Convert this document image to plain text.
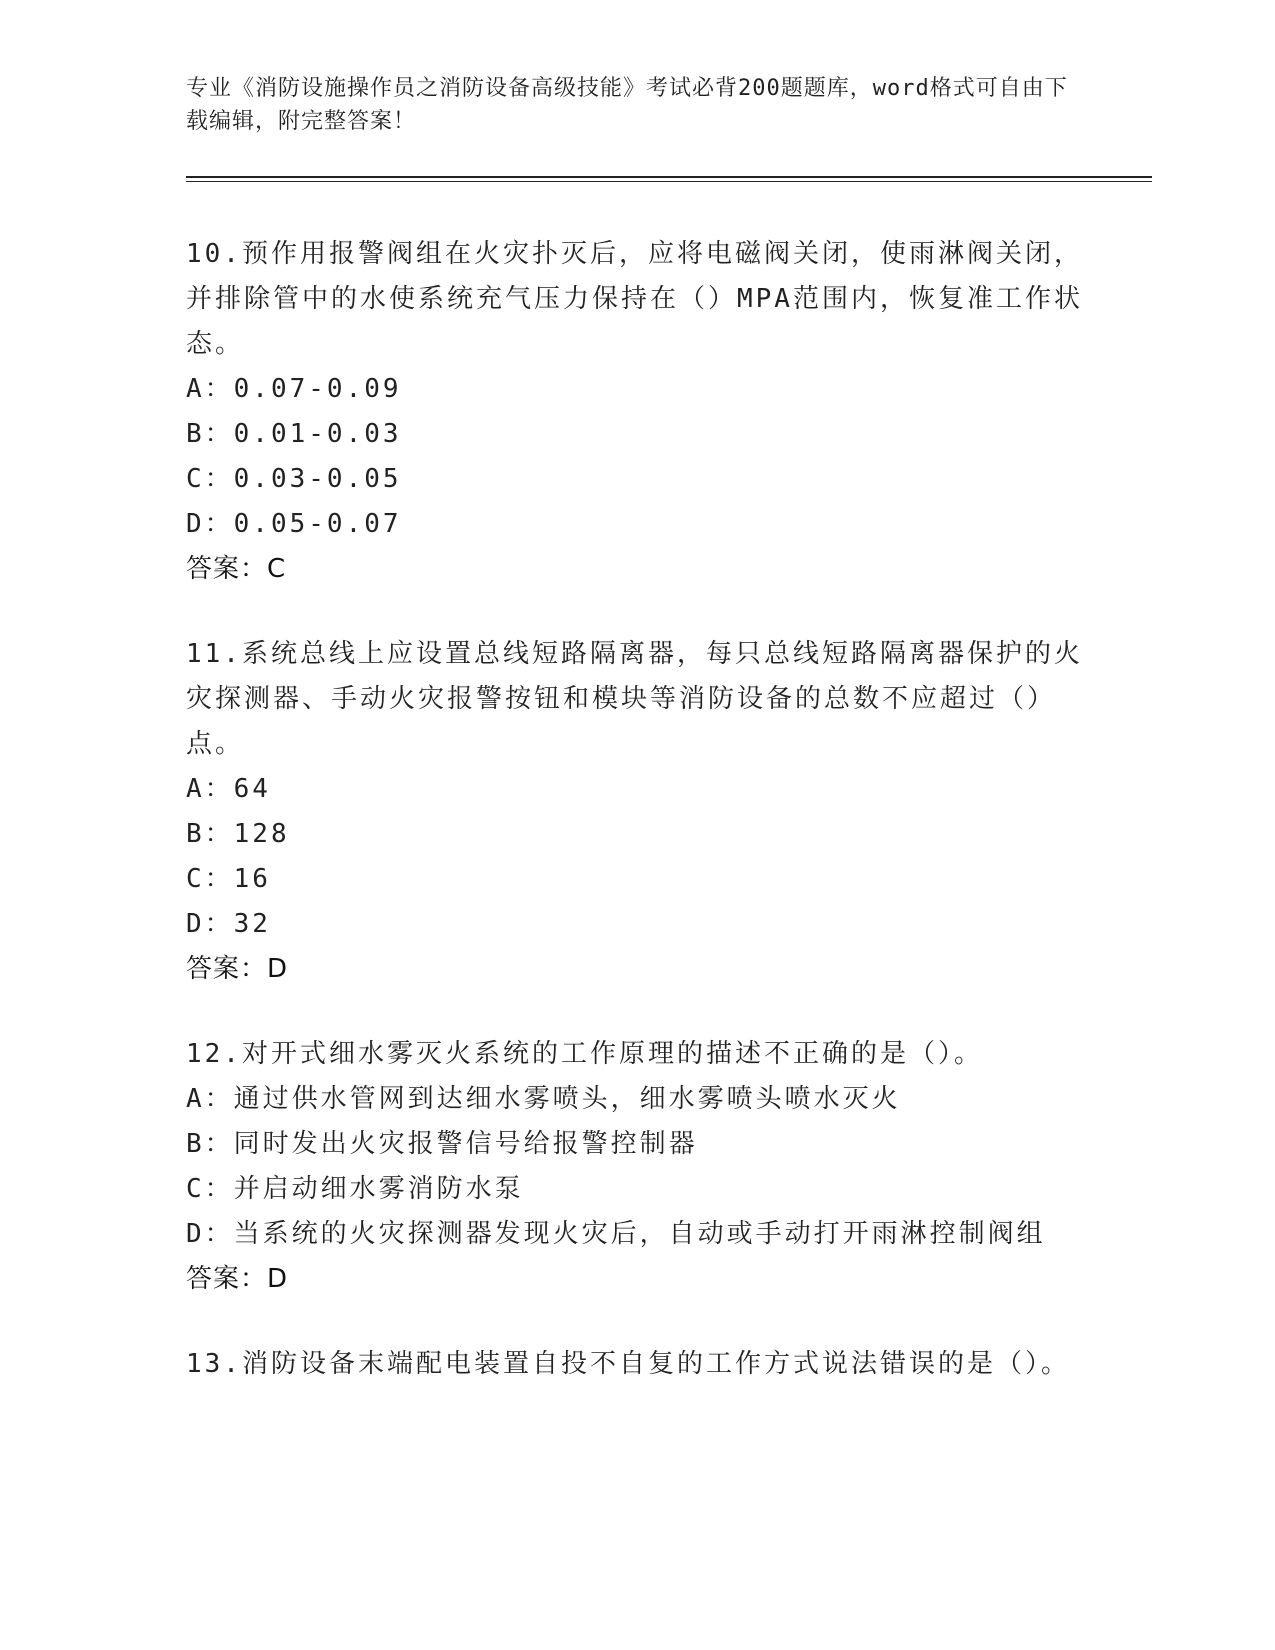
专业《消防设施操作员之消防设备高级技能》考试必背200题题库，word格式可自由下载编辑，附完整答案！

10.预作用报警阀组在火灾扑灭后，应将电磁阀关闭，使雨淋阀关闭，并排除管中的水使系统充气压力保持在（）MPA范围内，恢复准工作状态。

A：0.07-0.09

B：0.01-0.03

C：0.03-0.05

D：0.05-0.07

答案：C

11.系统总线上应设置总线短路隔离器，每只总线短路隔离器保护的火灾探测器、手动火灾报警按钮和模块等消防设备的总数不应超过（）点。

A：64

B：128

C：16

D：32

答案：D

12.对开式细水雾灭火系统的工作原理的描述不正确的是（）。

A：通过供水管网到达细水雾喷头，细水雾喷头喷水灭火

B：同时发出火灾报警信号给报警控制器

C：并启动细水雾消防水泵

D：当系统的火灾探测器发现火灾后，自动或手动打开雨淋控制阀组

答案：D

13.消防设备末端配电装置自投不自复的工作方式说法错误的是（）。
